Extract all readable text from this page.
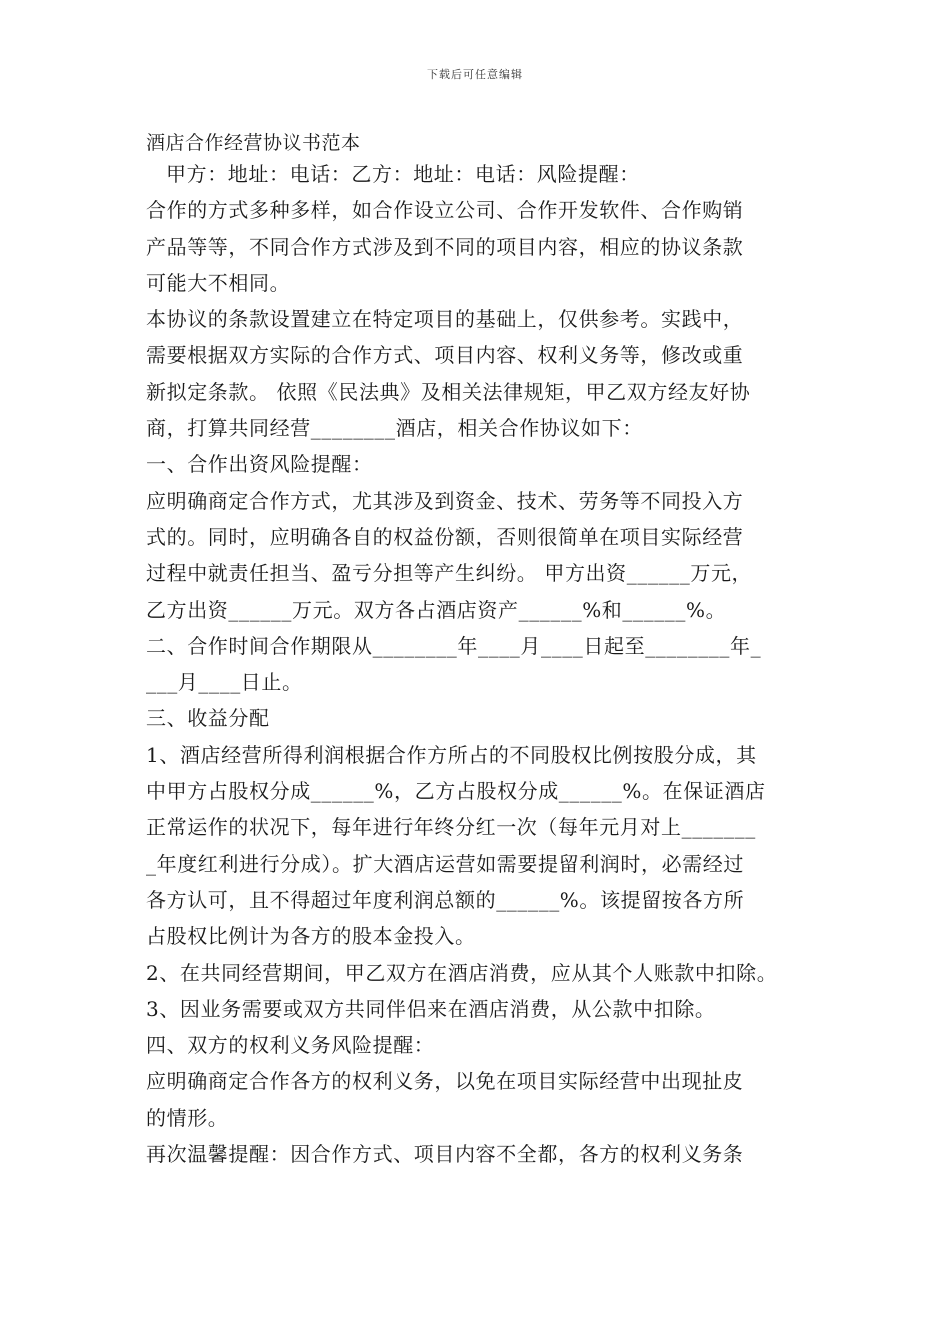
下载后可任意编辑
酒店合作经营协议书范本
甲方：地址：电话：乙方：地址：电话：风险提醒：
合作的方式多种多样，如合作设立公司、合作开发软件、合作购销
产品等等，不同合作方式涉及到不同的项目内容，相应的协议条款
可能大不相同。
本协议的条款设置建立在特定项目的基础上，仅供参考。实践中，
需要根据双方实际的合作方式、项目内容、权利义务等，修改或重
新拟定条款。 依照《民法典》及相关法律规矩，甲乙双方经友好协
商，打算共同经营________酒店，相关合作协议如下：
一、合作出资风险提醒：
应明确商定合作方式，尤其涉及到资金、技术、劳务等不同投入方
式的。同时，应明确各自的权益份额，否则很简单在项目实际经营
过程中就责任担当、盈亏分担等产生纠纷。 甲方出资______万元，
乙方出资______万元。双方各占酒店资产______%和______%。
二、合作时间合作期限从________年____月____日起至________年_
___月____日止。
三、收益分配
1、酒店经营所得利润根据合作方所占的不同股权比例按股分成，其
中甲方占股权分成______%，乙方占股权分成______%。在保证酒店
正常运作的状况下，每年进行年终分红一次（每年元月对上_______
_年度红利进行分成）。扩大酒店运营如需要提留利润时，必需经过
各方认可，且不得超过年度利润总额的______%。该提留按各方所
占股权比例计为各方的股本金投入。
2、在共同经营期间，甲乙双方在酒店消费，应从其个人账款中扣除。
3、因业务需要或双方共同伴侣来在酒店消费，从公款中扣除。
四、双方的权利义务风险提醒：
应明确商定合作各方的权利义务，以免在项目实际经营中出现扯皮
的情形。
再次温馨提醒：因合作方式、项目内容不全都，各方的权利义务条
